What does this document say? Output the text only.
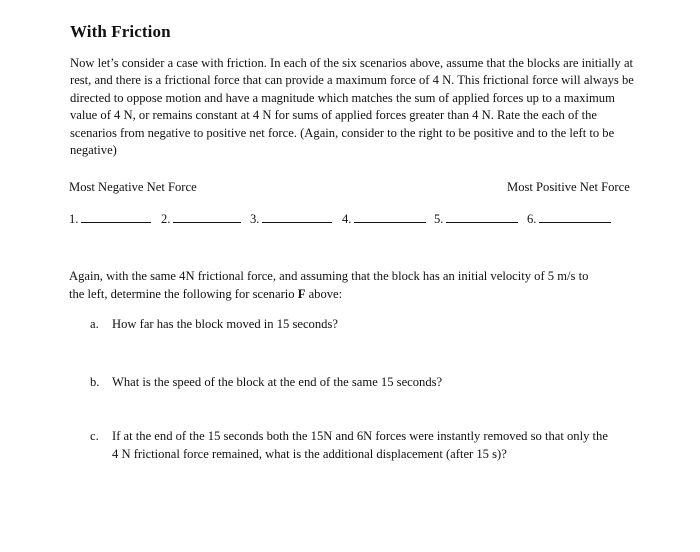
With Friction
Now let’s consider a case with friction. In each of the six scenarios above, assume that the blocks are initially at
rest, and there is a frictional force that can provide a maximum force of 4 N. This frictional force will always be
directed to oppose motion and have a magnitude which matches the sum of applied forces up to a maximum
value of 4 N, or remains constant at 4 N for sums of applied forces greater than 4 N. Rate the each of the
scenarios from negative to positive net force. (Again, consider to the right to be positive and to the left to be
negative)
Most Negative Net Force	Most Positive Net Force
1.	2.	3.	4.	5.	6.
Again, with the same 4N frictional force, and assuming that the block has an initial velocity of 5 m/s to
the left, determine the following for scenario F above:
a. How far has the block moved in 15 seconds?
b. What is the speed of the block at the end of the same 15 seconds?
c. If at the end of the 15 seconds both the 15N and 6N forces were instantly removed so that only the
4 N frictional force remained, what is the additional displacement (after 15 s)?
